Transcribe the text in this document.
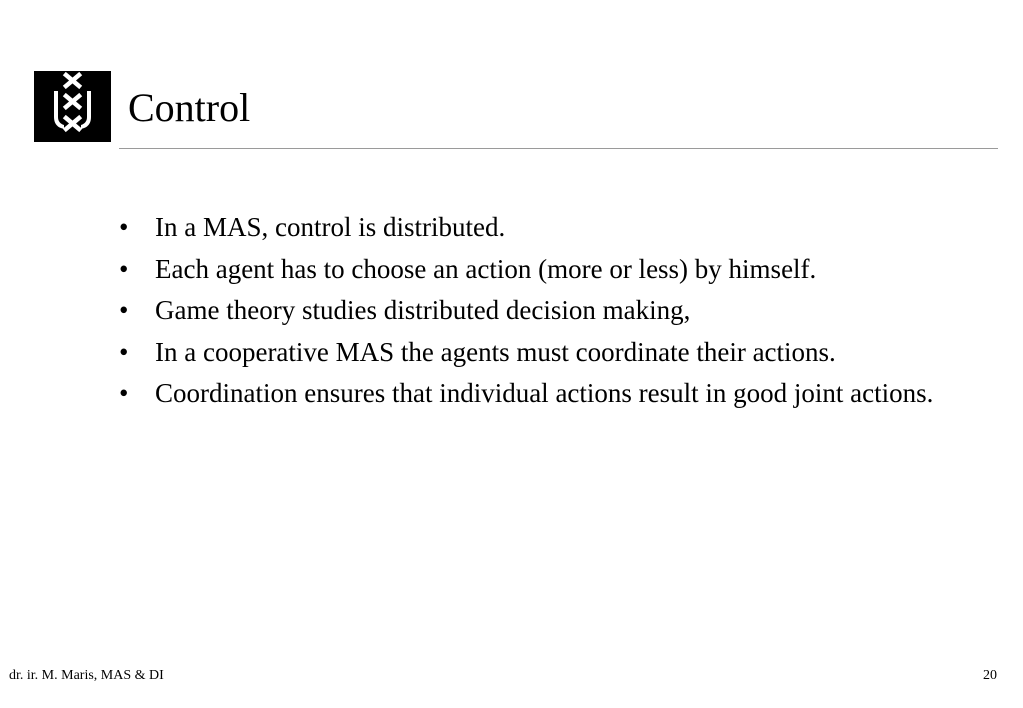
Control
• In a MAS, control is distributed.
• Each agent has to choose an action (more or less) by himself.
• Game theory studies distributed decision making,
• In a cooperative MAS the agents must coordinate their actions.
• Coordination ensures that individual actions result in good joint actions.
dr. ir. M. Maris, MAS & DI	20
